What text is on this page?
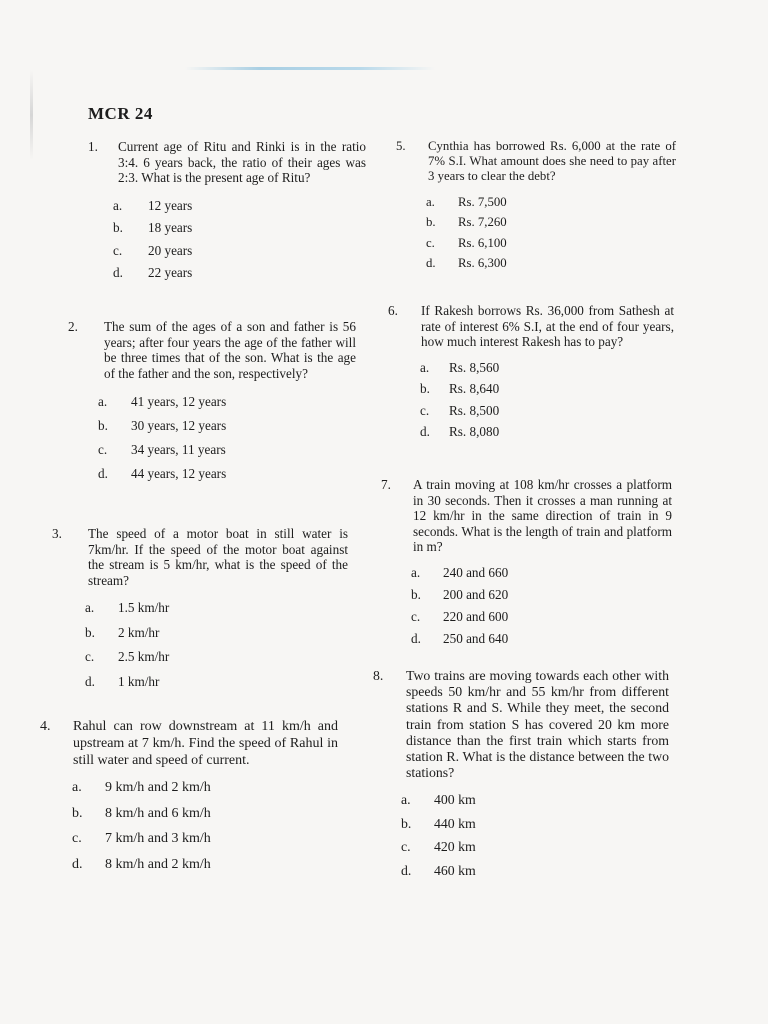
MCR 24
1. Current age of Ritu and Rinki is in the ratio 3:4. 6 years back, the ratio of their ages was 2:3. What is the present age of Ritu?

a. 12 years
b. 18 years
c. 20 years
d. 22 years
2. The sum of the ages of a son and father is 56 years; after four years the age of the father will be three times that of the son. What is the age of the father and the son, respectively?

a. 41 years, 12 years
b. 30 years, 12 years
c. 34 years, 11 years
d. 44 years, 12 years
3. The speed of a motor boat in still water is 7km/hr. If the speed of the motor boat against the stream is 5 km/hr, what is the speed of the stream?

a. 1.5 km/hr
b. 2 km/hr
c. 2.5 km/hr
d. 1 km/hr
4. Rahul can row downstream at 11 km/h and upstream at 7 km/h. Find the speed of Rahul in still water and speed of current.

a. 9 km/h and 2 km/h
b. 8 km/h and 6 km/h
c. 7 km/h and 3 km/h
d. 8 km/h and 2 km/h
5. Cynthia has borrowed Rs. 6,000 at the rate of 7% S.I. What amount does she need to pay after 3 years to clear the debt?

a. Rs. 7,500
b. Rs. 7,260
c. Rs. 6,100
d. Rs. 6,300
6. If Rakesh borrows Rs. 36,000 from Sathesh at rate of interest 6% S.I, at the end of four years, how much interest Rakesh has to pay?

a. Rs. 8,560
b. Rs. 8,640
c. Rs. 8,500
d. Rs. 8,080
7. A train moving at 108 km/hr crosses a platform in 30 seconds. Then it crosses a man running at 12 km/hr in the same direction of train in 9 seconds. What is the length of train and platform in m?

a. 240 and 660
b. 200 and 620
c. 220 and 600
d. 250 and 640
8. Two trains are moving towards each other with speeds 50 km/hr and 55 km/hr from different stations R and S. While they meet, the second train from station S has covered 20 km more distance than the first train which starts from station R. What is the distance between the two stations?

a. 400 km
b. 440 km
c. 420 km
d. 460 km
